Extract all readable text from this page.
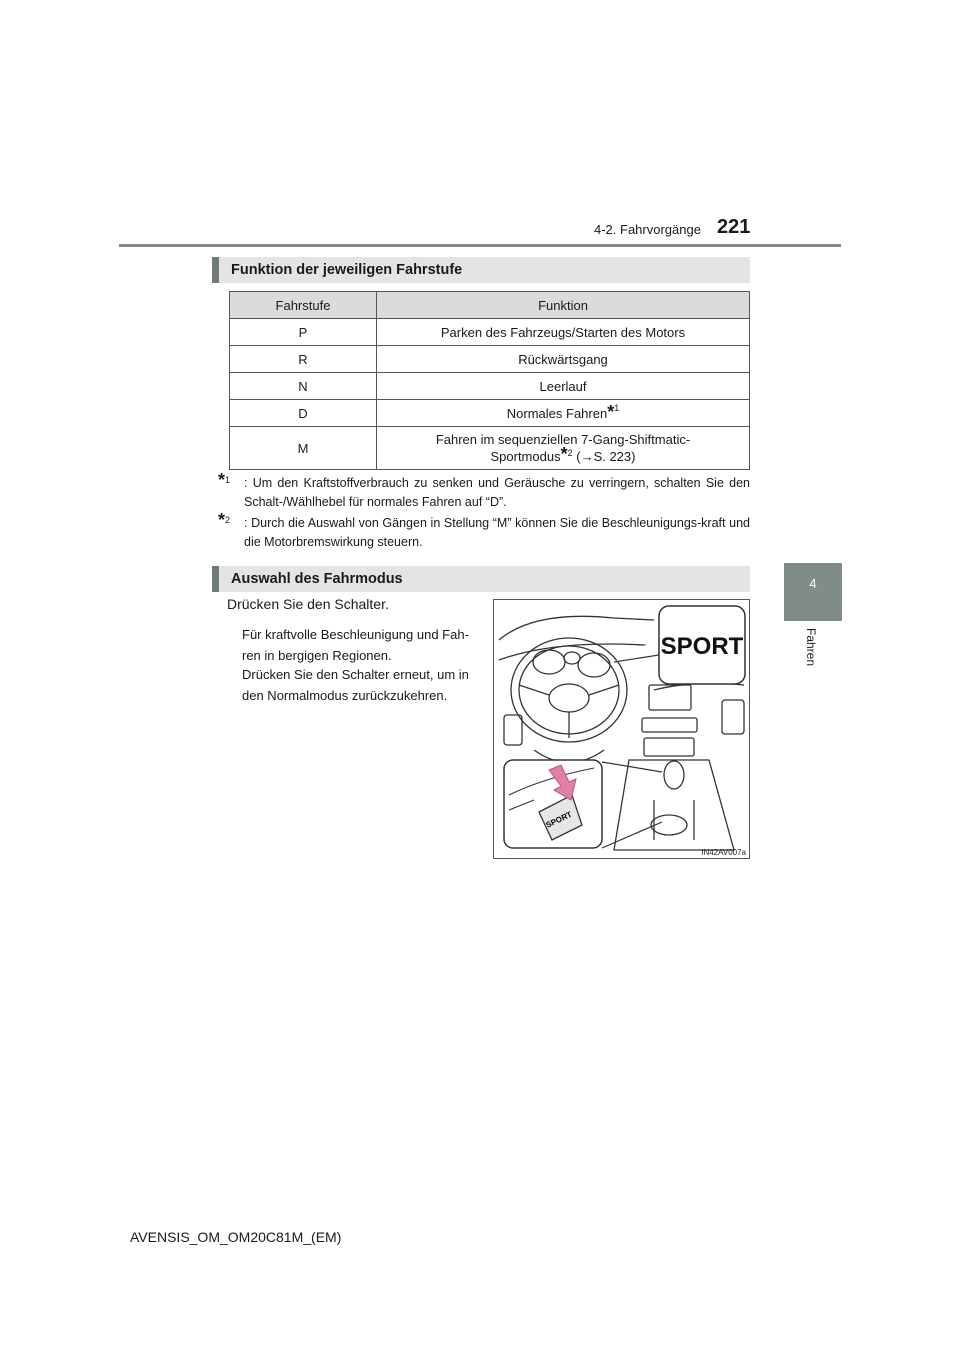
4-2. Fahrvorgänge 221
4
Fahren
Funktion der jeweiligen Fahrstufe
Fahrstufe	Funktion
P	Parken des Fahrzeugs/Starten des Motors
R	Rückwärtsgang
N	Leerlauf
D	Normales Fahren*$^1$
M	Fahren im sequenziellen 7-Gang-Shiftmatic-
Sportmodus*$^2$ (→S. 223)
*$^1$ : Um den Kraftstoffverbrauch zu senken und Geräusche zu verringern, schalten Sie den Schalt-/Wählhebel für normales Fahren auf “D”.
*$^2$ : Durch die Auswahl von Gängen in Stellung “M” können Sie die Beschleunigungs-kraft und die Motorbremswirkung steuern.
Auswahl des Fahrmodus
Drücken Sie den Schalter.
Für kraftvolle Beschleunigung und Fah-ren in bergigen Regionen.
Drücken Sie den Schalter erneut, um in den Normalmodus zurückzukehren.
SPORT
SPORT
IN42AV007a
AVENSIS_OM_OM20C81M_(EM)
